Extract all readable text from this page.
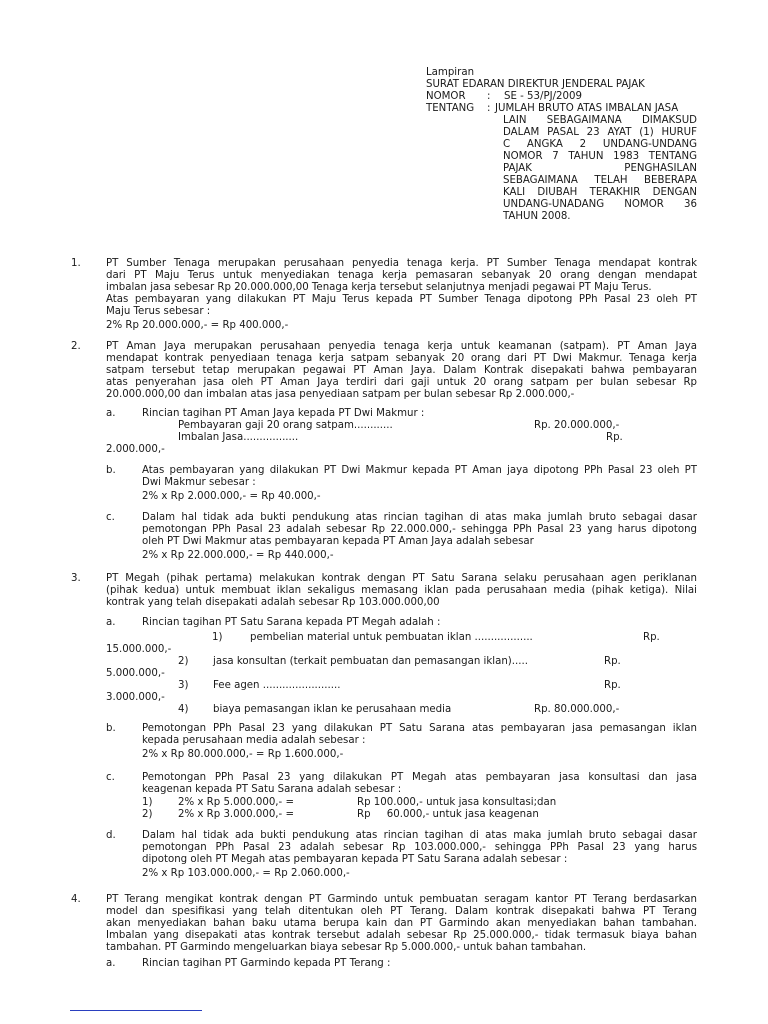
Lampiran
SURAT EDARAN DIREKTUR JENDERAL PAJAK
NOMOR : SE - 53/PJ/2009
TENTANG : JUMLAH BRUTO ATAS IMBALAN JASA
LAIN SEBAGAIMANA DIMAKSUD
DALAM PASAL 23 AYAT (1) HURUF
C ANGKA 2 UNDANG-UNDANG
NOMOR 7 TAHUN 1983 TENTANG
PAJAK PENGHASILAN
SEBAGAIMANA TELAH BEBERAPA
KALI DIUBAH TERAKHIR DENGAN
UNDANG-UNADANG NOMOR 36
TAHUN 2008.
1. PT Sumber Tenaga merupakan perusahaan penyedia tenaga kerja. PT Sumber Tenaga mendapat kontrak
dari PT Maju Terus untuk menyediakan tenaga kerja pemasaran sebanyak 20 orang dengan mendapat
imbalan jasa sebesar Rp 20.000.000,00 Tenaga kerja tersebut selanjutnya menjadi pegawai PT Maju Terus.
Atas pembayaran yang dilakukan PT Maju Terus kepada PT Sumber Tenaga dipotong PPh Pasal 23 oleh PT
Maju Terus sebesar :
2% Rp 20.000.000,- = Rp 400.000,-
2. PT Aman Jaya merupakan perusahaan penyedia tenaga kerja untuk keamanan (satpam). PT Aman Jaya
mendapat kontrak penyediaan tenaga kerja satpam sebanyak 20 orang dari PT Dwi Makmur. Tenaga kerja
satpam tersebut tetap merupakan pegawai PT Aman Jaya. Dalam Kontrak disepakati bahwa pembayaran
atas penyerahan jasa oleh PT Aman Jaya terdiri dari gaji untuk 20 orang satpam per bulan sebesar Rp
20.000.000,00 dan imbalan atas jasa penyediaan satpam per bulan sebesar Rp 2.000.000,-
a.	Rincian tagihan PT Aman Jaya kepada PT Dwi Makmur :
Pembayaran gaji 20 orang satpam............	Rp. 20.000.000,-
Imbalan Jasa.................	Rp.
2.000.000,-
b.	Atas pembayaran yang dilakukan PT Dwi Makmur kepada PT Aman jaya dipotong PPh Pasal 23 oleh PT
Dwi Makmur sebesar :
2% x Rp 2.000.000,- = Rp 40.000,-
c.	Dalam hal tidak ada bukti pendukung atas rincian tagihan di atas maka jumlah bruto sebagai dasar
pemotongan PPh Pasal 23 adalah sebesar Rp 22.000.000,- sehingga PPh Pasal 23 yang harus dipotong
oleh PT Dwi Makmur atas pembayaran kepada PT Aman Jaya adalah sebesar
2% x Rp 22.000.000,- = Rp 440.000,-
3. PT Megah (pihak pertama) melakukan kontrak dengan PT Satu Sarana selaku perusahaan agen periklanan
(pihak kedua) untuk membuat iklan sekaligus memasang iklan pada perusahaan media (pihak ketiga). Nilai
kontrak yang telah disepakati adalah sebesar Rp 103.000.000,00
a.	Rincian tagihan PT Satu Sarana kepada PT Megah adalah :
1)	pembelian material untuk pembuatan iklan ..................	Rp.
15.000.000,-
2) jasa konsultan (terkait pembuatan dan pemasangan iklan).....	Rp.
5.000.000,-
3) Fee agen ........................	Rp.
3.000.000,-
4) biaya pemasangan iklan ke perusahaan media	Rp. 80.000.000,-
b.	Pemotongan PPh Pasal 23 yang dilakukan PT Satu Sarana atas pembayaran jasa pemasangan iklan
kepada perusahaan media adalah sebesar :
2% x Rp 80.000.000,- = Rp 1.600.000,-
c.	Pemotongan PPh Pasal 23 yang dilakukan PT Megah atas pembayaran jasa konsultasi dan jasa
keagenan kepada PT Satu Sarana adalah sebesar :
1)	2% x Rp 5.000.000,- =	Rp 100.000,- untuk jasa konsultasi;dan
2)	2% x Rp 3.000.000,- =	Rp     60.000,- untuk jasa keagenan
d.	Dalam hal tidak ada bukti pendukung atas rincian tagihan di atas maka jumlah bruto sebagai dasar
pemotongan PPh Pasal 23 adalah sebesar Rp 103.000.000,- sehingga PPh Pasal 23 yang harus
dipotong oleh PT Megah atas pembayaran kepada PT Satu Sarana adalah sebesar :
2% x Rp 103.000.000,- = Rp 2.060.000,-
4. PT Terang mengikat kontrak dengan PT Garmindo untuk pembuatan seragam kantor PT Terang berdasarkan
model dan spesifikasi yang telah ditentukan oleh PT Terang. Dalam kontrak disepakati bahwa PT Terang
akan menyediakan bahan baku utama berupa kain dan PT Garmindo akan menyediakan bahan tambahan.
Imbalan yang disepakati atas kontrak tersebut adalah sebesar Rp 25.000.000,- tidak termasuk biaya bahan
tambahan. PT Garmindo mengeluarkan biaya sebesar Rp 5.000.000,- untuk bahan tambahan.
a.	Rincian tagihan PT Garmindo kepada PT Terang :
